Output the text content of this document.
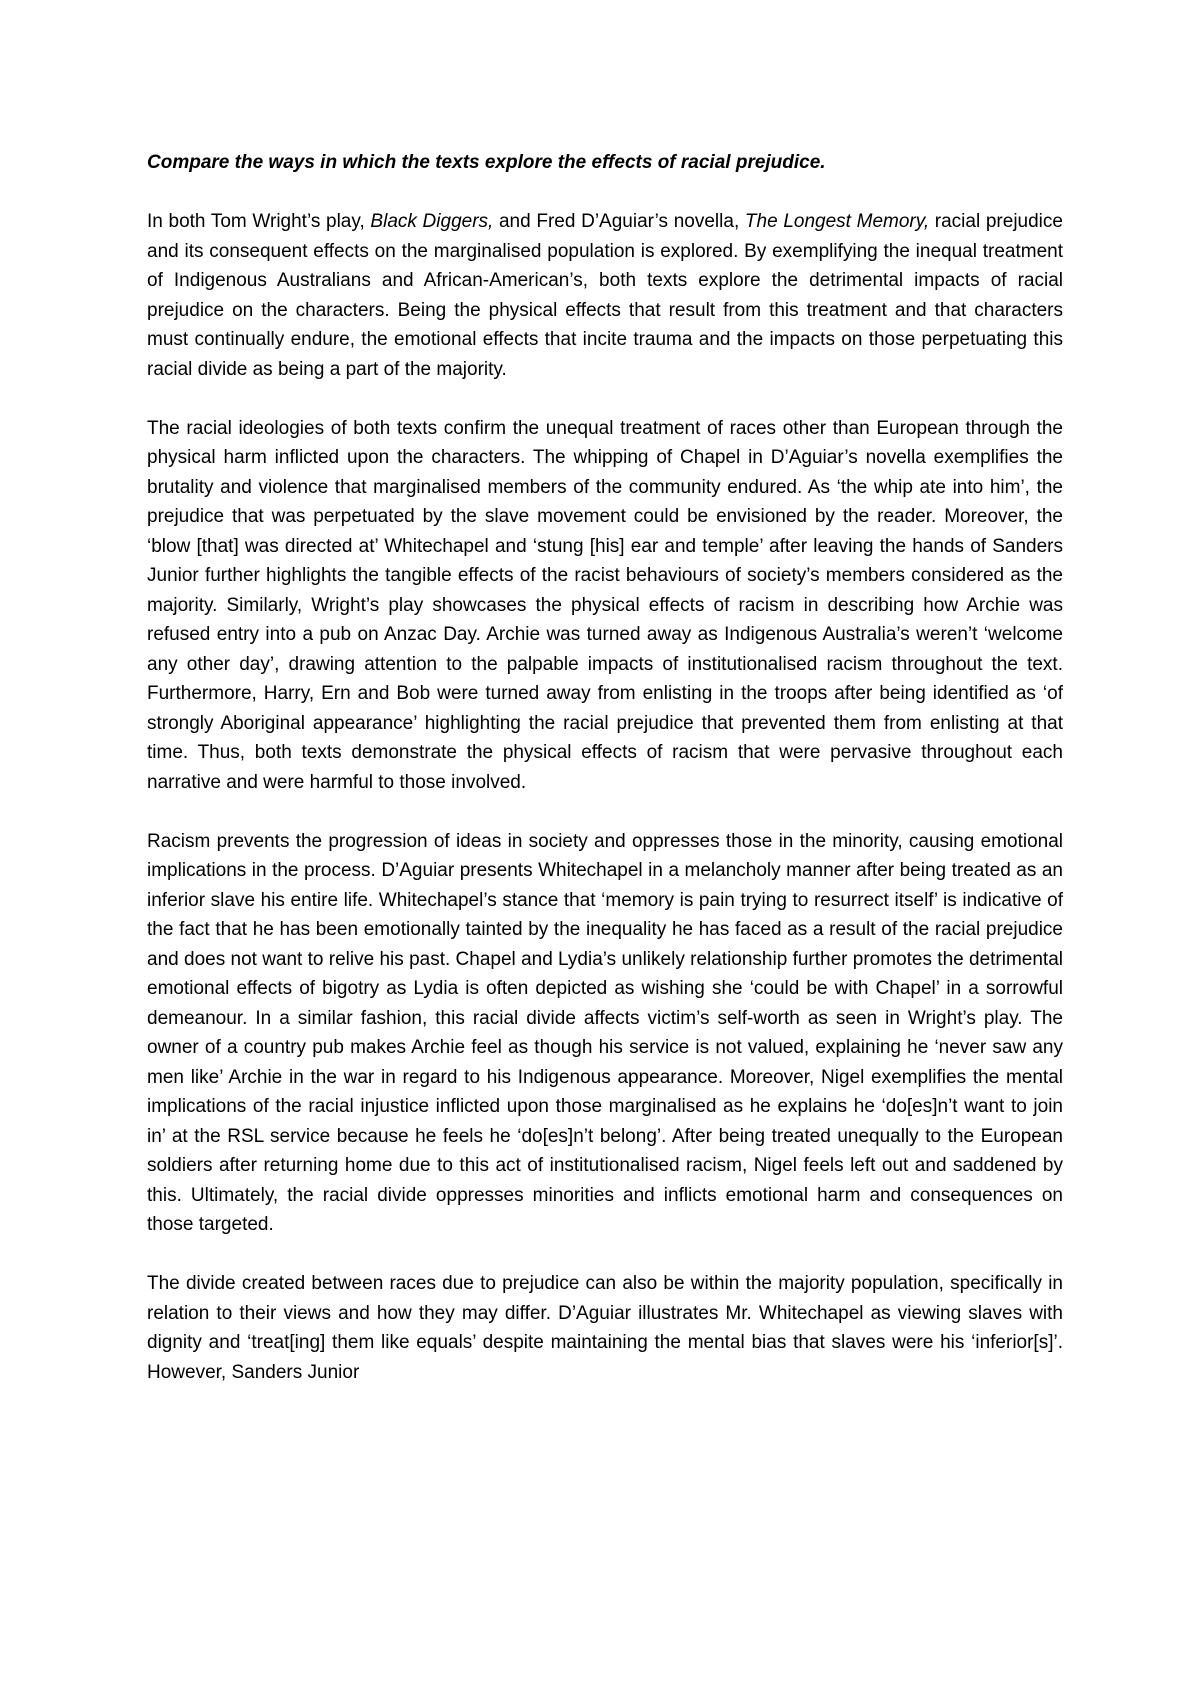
Compare the ways in which the texts explore the effects of racial prejudice.

In both Tom Wright’s play, Black Diggers, and Fred D’Aguiar’s novella, The Longest Memory, racial prejudice and its consequent effects on the marginalised population is explored. By exemplifying the inequal treatment of Indigenous Australians and African-American’s, both texts explore the detrimental impacts of racial prejudice on the characters. Being the physical effects that result from this treatment and that characters must continually endure, the emotional effects that incite trauma and the impacts on those perpetuating this racial divide as being a part of the majority.

The racial ideologies of both texts confirm the unequal treatment of races other than European through the physical harm inflicted upon the characters. The whipping of Chapel in D’Aguiar’s novella exemplifies the brutality and violence that marginalised members of the community endured. As ‘the whip ate into him’, the prejudice that was perpetuated by the slave movement could be envisioned by the reader. Moreover, the ‘blow [that] was directed at’ Whitechapel and ‘stung [his] ear and temple’ after leaving the hands of Sanders Junior further highlights the tangible effects of the racist behaviours of society’s members considered as the majority. Similarly, Wright’s play showcases the physical effects of racism in describing how Archie was refused entry into a pub on Anzac Day. Archie was turned away as Indigenous Australia’s weren’t ‘welcome any other day’, drawing attention to the palpable impacts of institutionalised racism throughout the text. Furthermore, Harry, Ern and Bob were turned away from enlisting in the troops after being identified as ‘of strongly Aboriginal appearance’ highlighting the racial prejudice that prevented them from enlisting at that time. Thus, both texts demonstrate the physical effects of racism that were pervasive throughout each narrative and were harmful to those involved.

Racism prevents the progression of ideas in society and oppresses those in the minority, causing emotional implications in the process. D’Aguiar presents Whitechapel in a melancholy manner after being treated as an inferior slave his entire life. Whitechapel’s stance that ‘memory is pain trying to resurrect itself’ is indicative of the fact that he has been emotionally tainted by the inequality he has faced as a result of the racial prejudice and does not want to relive his past. Chapel and Lydia’s unlikely relationship further promotes the detrimental emotional effects of bigotry as Lydia is often depicted as wishing she ‘could be with Chapel’ in a sorrowful demeanour. In a similar fashion, this racial divide affects victim’s self-worth as seen in Wright’s play. The owner of a country pub makes Archie feel as though his service is not valued, explaining he ‘never saw any men like’ Archie in the war in regard to his Indigenous appearance. Moreover, Nigel exemplifies the mental implications of the racial injustice inflicted upon those marginalised as he explains he ‘do[es]n’t want to join in’ at the RSL service because he feels he ‘do[es]n’t belong’. After being treated unequally to the European soldiers after returning home due to this act of institutionalised racism, Nigel feels left out and saddened by this. Ultimately, the racial divide oppresses minorities and inflicts emotional harm and consequences on those targeted.

The divide created between races due to prejudice can also be within the majority population, specifically in relation to their views and how they may differ. D’Aguiar illustrates Mr. Whitechapel as viewing slaves with dignity and ‘treat[ing] them like equals’ despite maintaining the mental bias that slaves were his ‘inferior[s]’. However, Sanders Junior
